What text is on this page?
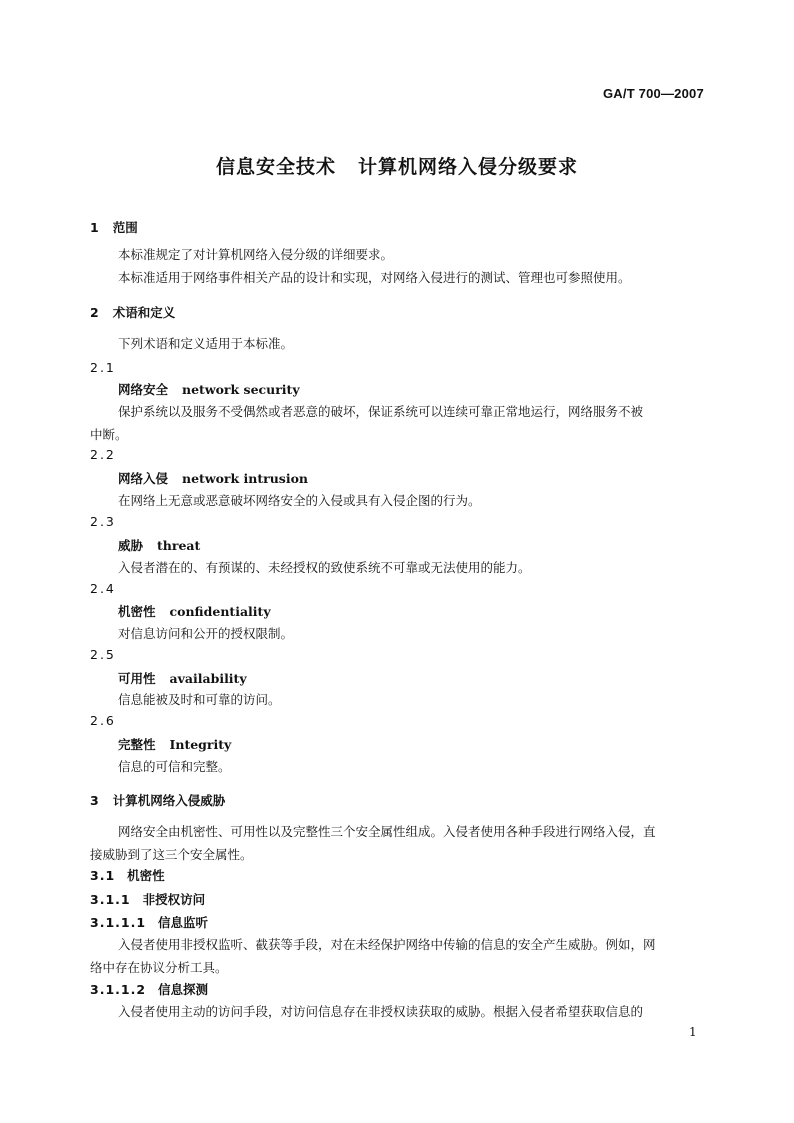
GA/T 700—2007
信息安全技术 计算机网络入侵分级要求
1 范围
本标准规定了对计算机网络入侵分级的详细要求。
本标准适用于网络事件相关产品的设计和实现，对网络入侵进行的测试、管理也可参照使用。
2 术语和定义
下列术语和定义适用于本标准。
2.1
网络安全 network security
保护系统以及服务不受偶然或者恶意的破坏，保证系统可以连续可靠正常地运行，网络服务不被
中断。
2.2
网络入侵 network intrusion
在网络上无意或恶意破坏网络安全的入侵或具有入侵企图的行为。
2.3
威胁 threat
入侵者潜在的、有预谋的、未经授权的致使系统不可靠或无法使用的能力。
2.4
机密性 confidentiality
对信息访问和公开的授权限制。
2.5
可用性 availability
信息能被及时和可靠的访问。
2.6
完整性 Integrity
信息的可信和完整。
3 计算机网络入侵威胁
网络安全由机密性、可用性以及完整性三个安全属性组成。入侵者使用各种手段进行网络入侵，直
接威胁到了这三个安全属性。
3.1 机密性
3.1.1 非授权访问
3.1.1.1 信息监听
入侵者使用非授权监听、截获等手段，对在未经保护网络中传输的信息的安全产生威胁。例如，网
络中存在协议分析工具。
3.1.1.2 信息探测
入侵者使用主动的访问手段，对访问信息存在非授权读获取的威胁。根据入侵者希望获取信息的
1
